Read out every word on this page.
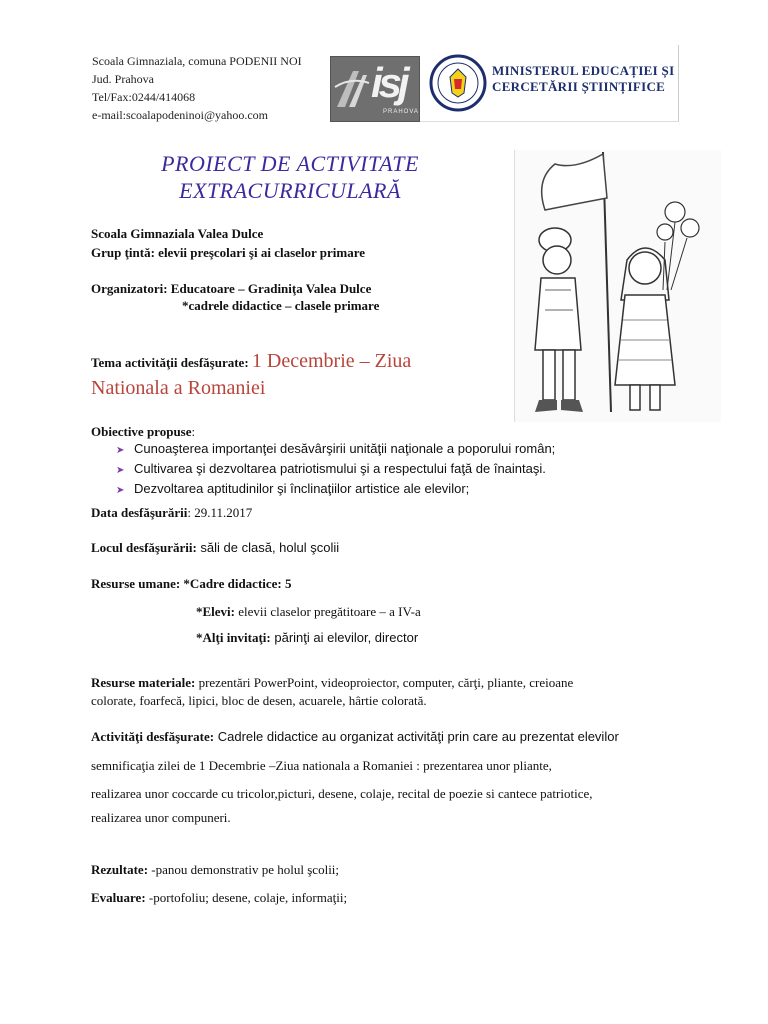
Scoala Gimnaziala, comuna PODENII NOI
Jud. Prahova
Tel/Fax:0244/414068
e-mail:scoalapodeninoi@yahoo.com
isj
PRAHOVA
MINISTERUL EDUCAȚIEI ȘI
CERCETĂRII ȘTIINȚIFICE
PROIECT DE ACTIVITATE
EXTRACURRICULARĂ
Scoala Gimnaziala Valea Dulce
Grup ţintă: elevii preşcolari şi ai claselor primare
Organizatori: Educatoare – Gradiniţa Valea Dulce
*cadrele didactice – clasele primare
Tema activităţii desfăşurate: 1 Decembrie – Ziua
Nationala a Romaniei
Obiective propuse:
➤ Cunoaşterea importanţei desăvârşirii unităţii naţionale a poporului român;
➤ Cultivarea şi dezvoltarea patriotismului şi a respectului faţă de înaintaşi.
➤ Dezvoltarea aptitudinilor şi înclinaţiilor artistice ale elevilor;
Data desfăşurării: 29.11.2017
Locul desfăşurării: săli de clasă, holul şcolii
Resurse umane: *Cadre didactice: 5
*Elevi: elevii claselor pregătitoare – a IV-a
*Alţi invitaţi: părinţi ai elevilor, director
Resurse materiale: prezentări PowerPoint, videoproiector, computer, cărţi, pliante, creioane
colorate, foarfecă, lipici, bloc de desen, acuarele, hârtie colorată.
Activităţi desfăşurate: Cadrele didactice au organizat activităţi prin care au prezentat elevilor
semnificaţia zilei de 1 Decembrie –Ziua nationala a Romaniei : prezentarea unor pliante,
realizarea unor coccarde cu tricolor,picturi, desene, colaje, recital de poezie si cantece patriotice,
realizarea unor compuneri.
Rezultate: -panou demonstrativ pe holul şcolii;
Evaluare: -portofoliu; desene, colaje, informaţii;
